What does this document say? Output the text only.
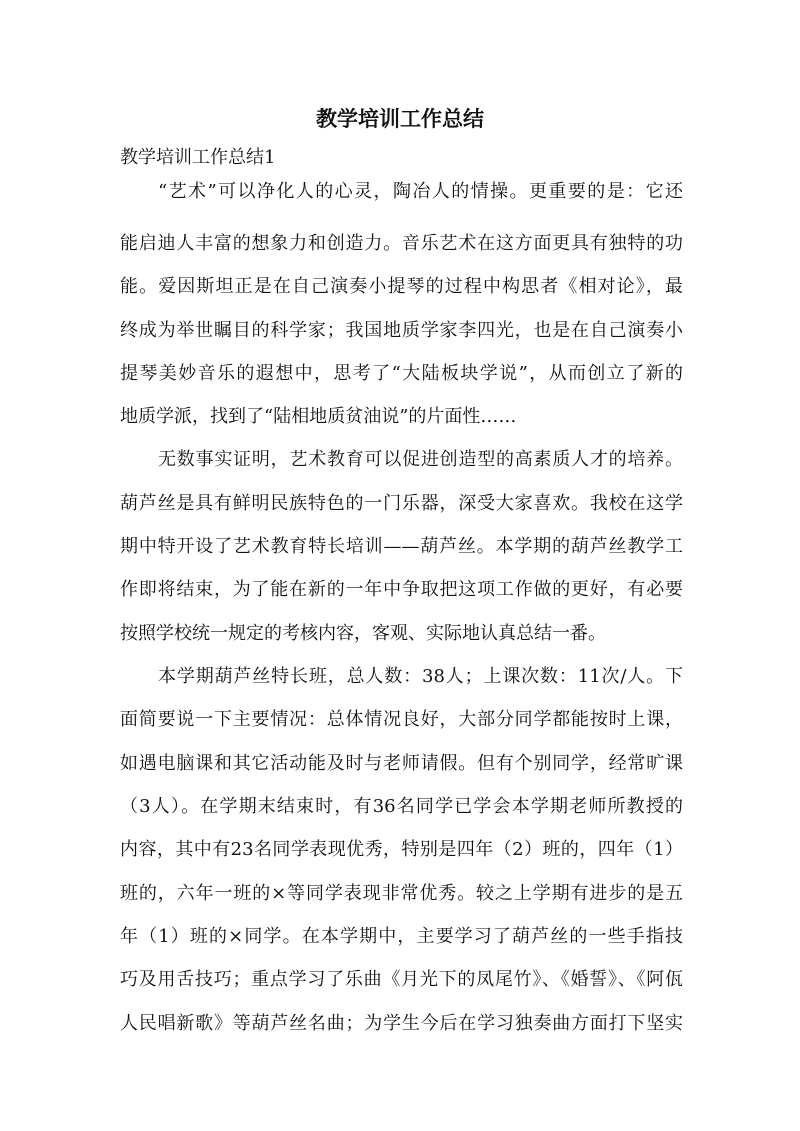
教学培训工作总结

教学培训工作总结1

“艺术”可以净化人的心灵，陶冶人的情操。更重要的是：它还

能启迪人丰富的想象力和创造力。音乐艺术在这方面更具有独特的功

能。爱因斯坦正是在自己演奏小提琴的过程中构思者《相对论》，最

终成为举世瞩目的科学家；我国地质学家李四光，也是在自己演奏小

提琴美妙音乐的遐想中，思考了“大陆板块学说”，从而创立了新的

地质学派，找到了“陆相地质贫油说”的片面性……

无数事实证明，艺术教育可以促进创造型的高素质人才的培养。

葫芦丝是具有鲜明民族特色的一门乐器，深受大家喜欢。我校在这学

期中特开设了艺术教育特长培训——葫芦丝。本学期的葫芦丝教学工

作即将结束，为了能在新的一年中争取把这项工作做的更好，有必要

按照学校统一规定的考核内容，客观、实际地认真总结一番。

本学期葫芦丝特长班，总人数：38人；上课次数：11次/人。下

面简要说一下主要情况：总体情况良好，大部分同学都能按时上课，

如遇电脑课和其它活动能及时与老师请假。但有个别同学，经常旷课

（3人）。在学期末结束时，有36名同学已学会本学期老师所教授的

内容，其中有23名同学表现优秀，特别是四年（2）班的，四年（1）

班的，六年一班的×等同学表现非常优秀。较之上学期有进步的是五

年（1）班的×同学。在本学期中，主要学习了葫芦丝的一些手指技

巧及用舌技巧；重点学习了乐曲《月光下的凤尾竹》、《婚誓》、《阿佤

人民唱新歌》等葫芦丝名曲；为学生今后在学习独奏曲方面打下坚实
